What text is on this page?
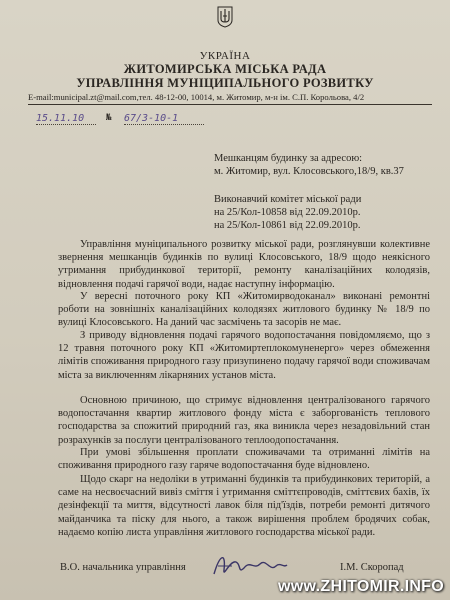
УКРАЇНА
ЖИТОМИРСЬКА МІСЬКА РАДА
УПРАВЛІННЯ МУНІЦИПАЛЬНОГО РОЗВИТКУ
E-mail:municipal.zt@mail.com,тел. 48-12-00, 10014, м. Житомир, м-н ім. С.П. Корольова, 4/2
15.11.10 № 67/3-10-1
Мешканцям будинку за адресою:
м. Житомир, вул. Клосовського,18/9, кв.37
Виконавчий комітет міської ради
на 25/Кол-10858 від 22.09.2010р.
на 25/Кол-10861 від 22.09.2010р.
Управління муніципального розвитку міської ради, розглянувши колективне звернення мешканців будинків по вулиці Клосовського, 18/9 щодо неякісного утримання прибудинкової території, ремонту каналізаційних колодязів, відновлення подачі гарячої води, надає наступну інформацію.
У вересні поточного року КП «Житомирводоканал» виконані ремонтні роботи на зовнішніх каналізаційних колодязях житлового будинку № 18/9 по вулиці Клосовського. На даний час засмічень та засорів не має.
З приводу відновлення подачі гарячого водопостачання повідомляємо, що з 12 травня поточного року КП «Житомиртеплокомуненерго» через обмеження лімітів споживання природного газу призупинено подачу гарячої води споживачам міста за виключенням лікарняних установ міста.
Основною причиною, що стримує відновлення централізованого гарячого водопостачання квартир житлового фонду міста є заборгованість теплового господарства за спожитий природний газ, яка виникла через незадовільний стан розрахунків за послуги централізованого теплоодопостачання.
При умові збільшення проплати споживачами та отриманні лімітів на споживання природного газу гаряче водопостачання буде відновлено.
Щодо скарг на недоліки в утриманні будинків та прибудинкових територій, а саме на несвоєчасний вивіз сміття і утримання сміттєпроводів, сміттєвих бахів, їх дезінфекції та миття, відсутності лавок біля під'їздів, потреби ремонті дитячого майданчика та піску для нього, а також вирішення проблем бродячих собак, надаємо копію листа управління житлового господарства міської ради.
В.О. начальника управління	І.М. Скоропад
www.ZHITOMIR.INFO
